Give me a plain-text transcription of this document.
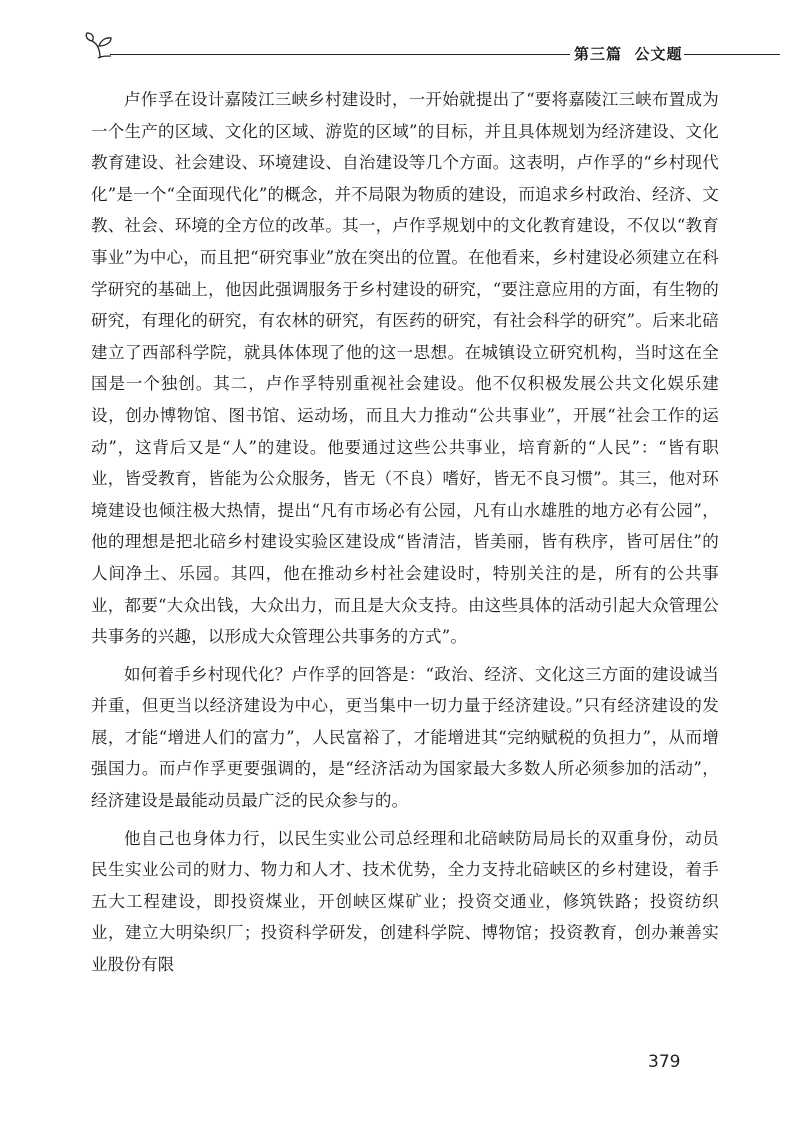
第三篇 公文题

卢作孚在设计嘉陵江三峡乡村建设时，一开始就提出了“要将嘉陵江三峡布置成为一个生产的区域、文化的区域、游览的区域”的目标，并且具体规划为经济建设、文化教育建设、社会建设、环境建设、自治建设等几个方面。这表明，卢作孚的“乡村现代化”是一个“全面现代化”的概念，并不局限为物质的建设，而追求乡村政治、经济、文教、社会、环境的全方位的改革。其一，卢作孚规划中的文化教育建设，不仅以“教育事业”为中心，而且把“研究事业”放在突出的位置。在他看来，乡村建设必须建立在科学研究的基础上，他因此强调服务于乡村建设的研究，“要注意应用的方面，有生物的研究，有理化的研究，有农林的研究，有医药的研究，有社会科学的研究”。后来北碚建立了西部科学院，就具体体现了他的这一思想。在城镇设立研究机构，当时这在全国是一个独创。其二，卢作孚特别重视社会建设。他不仅积极发展公共文化娱乐建设，创办博物馆、图书馆、运动场，而且大力推动“公共事业”，开展“社会工作的运动”，这背后又是“人”的建设。他要通过这些公共事业，培育新的“人民”：“皆有职业，皆受教育，皆能为公众服务，皆无（不良）嗜好，皆无不良习惯”。其三，他对环境建设也倾注极大热情，提出“凡有市场必有公园，凡有山水雄胜的地方必有公园”，他的理想是把北碚乡村建设实验区建设成“皆清洁，皆美丽，皆有秩序，皆可居住”的人间净土、乐园。其四，他在推动乡村社会建设时，特别关注的是，所有的公共事业，都要“大众出钱，大众出力，而且是大众支持。由这些具体的活动引起大众管理公共事务的兴趣，以形成大众管理公共事务的方式”。

如何着手乡村现代化？卢作孚的回答是：“政治、经济、文化这三方面的建设诚当并重，但更当以经济建设为中心，更当集中一切力量于经济建设。”只有经济建设的发展，才能“增进人们的富力”，人民富裕了，才能增进其“完纳赋税的负担力”，从而增强国力。而卢作孚更要强调的，是“经济活动为国家最大多数人所必须参加的活动”，经济建设是最能动员最广泛的民众参与的。

他自己也身体力行，以民生实业公司总经理和北碚峡防局局长的双重身份，动员民生实业公司的财力、物力和人才、技术优势，全力支持北碚峡区的乡村建设，着手五大工程建设，即投资煤业，开创峡区煤矿业；投资交通业，修筑铁路；投资纺织业，建立大明染织厂；投资科学研发，创建科学院、博物馆；投资教育，创办兼善实业股份有限

379
